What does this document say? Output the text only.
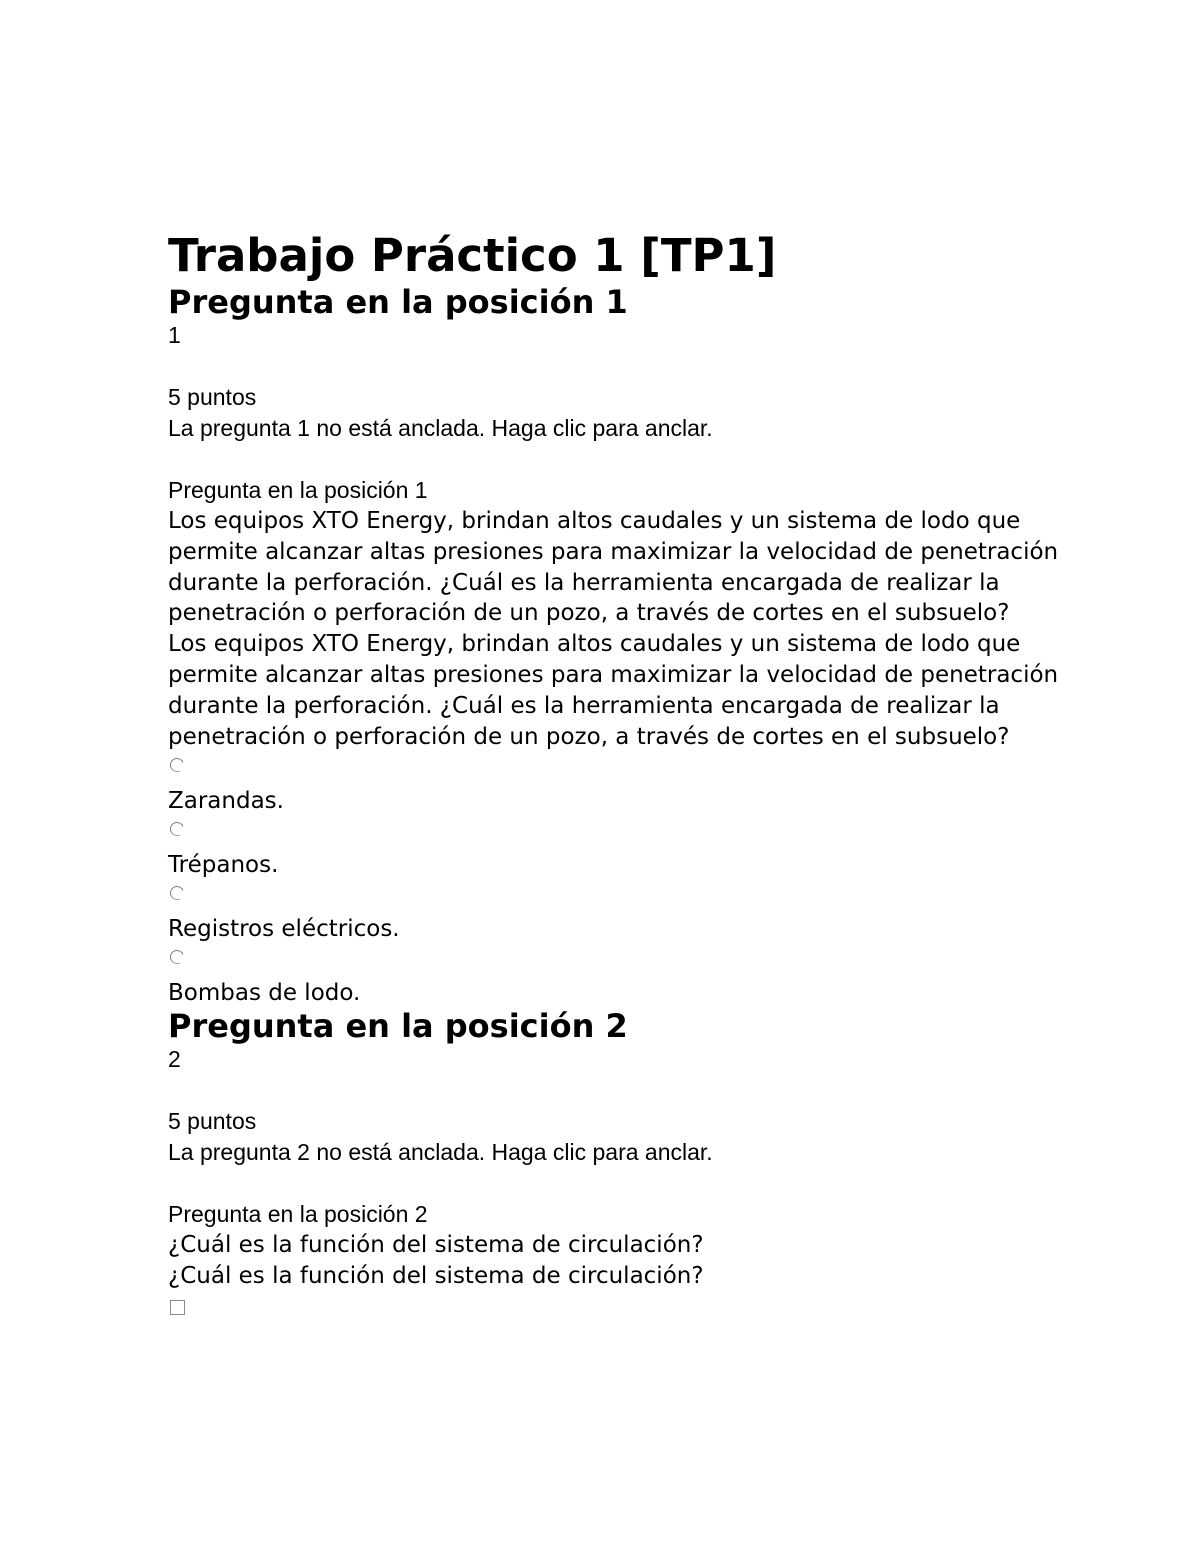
Trabajo Práctico 1 [TP1]
Pregunta en la posición 1
1
5 puntos
La pregunta 1 no está anclada. Haga clic para anclar.
Pregunta en la posición 1
Los equipos XTO Energy, brindan altos caudales y un sistema de lodo que permite alcanzar altas presiones para maximizar la velocidad de penetración durante la perforación. ¿Cuál es la herramienta encargada de realizar la penetración o perforación de un pozo, a través de cortes en el subsuelo?
Los equipos XTO Energy, brindan altos caudales y un sistema de lodo que permite alcanzar altas presiones para maximizar la velocidad de penetración durante la perforación. ¿Cuál es la herramienta encargada de realizar la penetración o perforación de un pozo, a través de cortes en el subsuelo?
Zarandas.
Trépanos.
Registros eléctricos.
Bombas de lodo.
Pregunta en la posición 2
2
5 puntos
La pregunta 2 no está anclada. Haga clic para anclar.
Pregunta en la posición 2
¿Cuál es la función del sistema de circulación?
¿Cuál es la función del sistema de circulación?
